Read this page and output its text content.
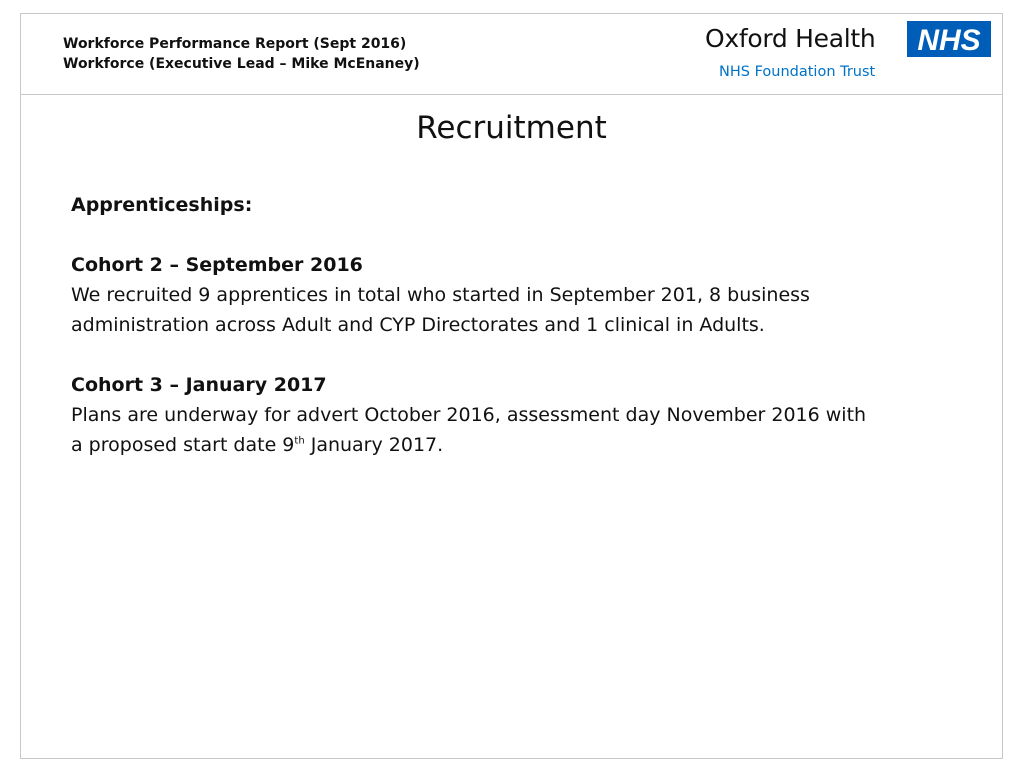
Workforce Performance Report (Sept 2016)
Workforce (Executive Lead – Mike McEnaney)
Oxford Health
NHS Foundation Trust
NHS
Recruitment

Apprenticeships:

Cohort 2 – September 2016

We recruited 9 apprentices in total who started in September 201, 8 business administration across Adult and CYP Directorates and 1 clinical in Adults.

Cohort 3 – January 2017

Plans are underway for advert October 2016, assessment day November 2016 with a proposed start date 9th January 2017.
